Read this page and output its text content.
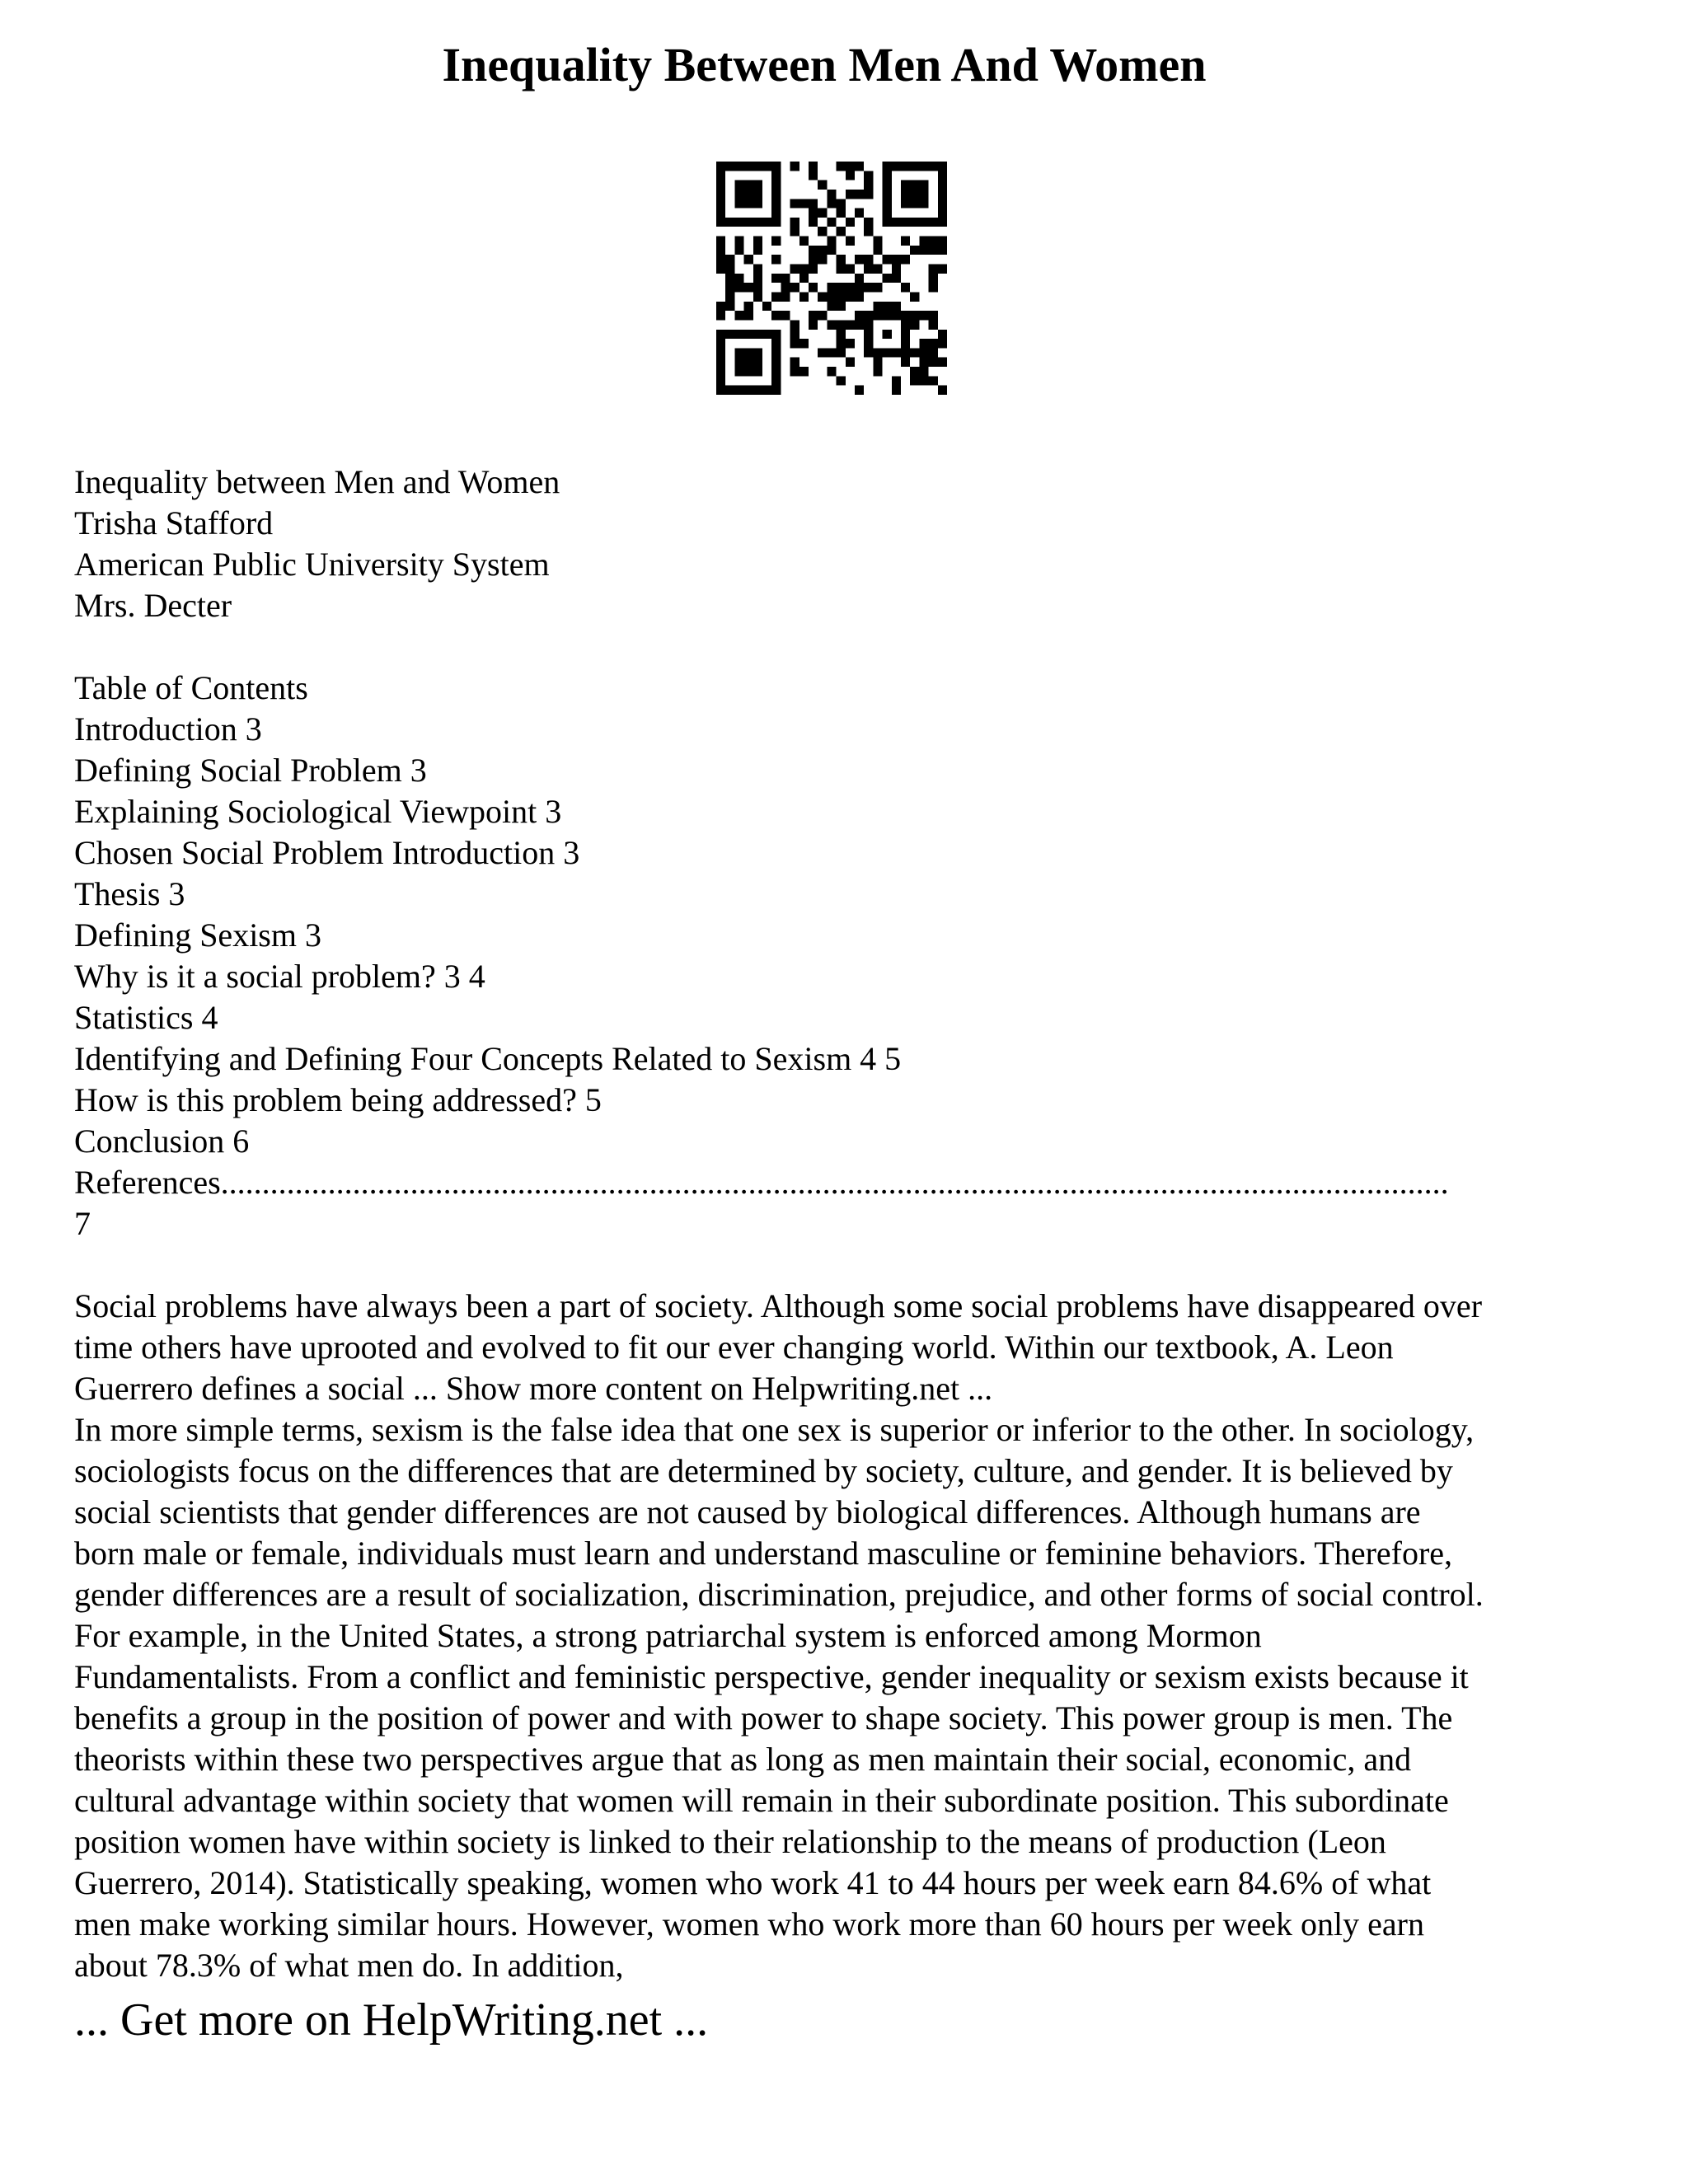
Inequality Between Men And Women
Inequality between Men and Women
Trisha Stafford
American Public University System
Mrs. Decter
Table of Contents
Introduction 3
Defining Social Problem 3
Explaining Sociological Viewpoint 3
Chosen Social Problem Introduction 3
Thesis 3
Defining Sexism 3
Why is it a social problem? 3 4
Statistics 4
Identifying and Defining Four Concepts Related to Sexism 4 5
How is this problem being addressed? 5
Conclusion 6
References.....................................................................................................................................................
7
Social problems have always been a part of society. Although some social problems have disappeared over
time others have uprooted and evolved to fit our ever changing world. Within our textbook, A. Leon
Guerrero defines a social ... Show more content on Helpwriting.net ...
In more simple terms, sexism is the false idea that one sex is superior or inferior to the other. In sociology,
sociologists focus on the differences that are determined by society, culture, and gender. It is believed by
social scientists that gender differences are not caused by biological differences. Although humans are
born male or female, individuals must learn and understand masculine or feminine behaviors. Therefore,
gender differences are a result of socialization, discrimination, prejudice, and other forms of social control.
For example, in the United States, a strong patriarchal system is enforced among Mormon
Fundamentalists. From a conflict and feministic perspective, gender inequality or sexism exists because it
benefits a group in the position of power and with power to shape society. This power group is men. The
theorists within these two perspectives argue that as long as men maintain their social, economic, and
cultural advantage within society that women will remain in their subordinate position. This subordinate
position women have within society is linked to their relationship to the means of production (Leon
Guerrero, 2014). Statistically speaking, women who work 41 to 44 hours per week earn 84.6% of what
men make working similar hours. However, women who work more than 60 hours per week only earn
about 78.3% of what men do. In addition,
... Get more on HelpWriting.net ...
